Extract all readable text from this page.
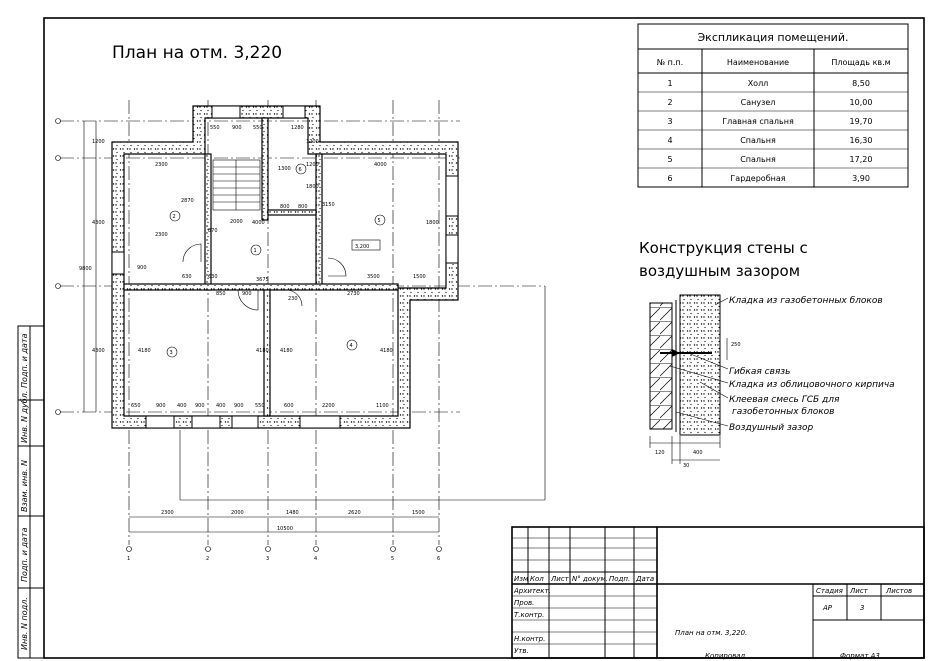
Подп. и дата
Инв. N дубл.
Взам. инв. N
Подп. и дата
Инв. N подл.
План на отм. 3,220
1	2	3	4	5	6
1
2
3
4
5
6
3,200
550 900 550	1280
1200
4300
9800
4300
2300	2000	1480	2620	1500
10500
2300
2870
2300
2000
4000
3500	1500
2730
3675
4180	4180 4180	4180
650	900 400 900 400 900 550	600	2200	1100
1200
1800
3150
800
800
870
630	630
850
1200
1800
900
1300
4000
900
230
Экспликация помещений.
№ п.п.	Наименование	Площадь кв.м
1	Холл	8,50
2	Санузел	10,00
3	Главная спальня	19,70
4	Спальня	16,30
5	Спальня	17,20
6	Гардеробная	3,90
Конструкция стены с
воздушным зазором
Кладка из газобетонных блоков
Гибкая связь
Кладка из облицовочного кирпича
Клеевая смесь ГСБ для
газобетонных блоков
Воздушный зазор
250
120	400
30
Изм Кол Лист N° докум. Подп. Дата
Архитект.
Пров.
Т.контр.
Н.контр.
Утв.
Стадия Лист	Листов
АР	3
План на отм. 3,220.
Копировал	Формат А3
